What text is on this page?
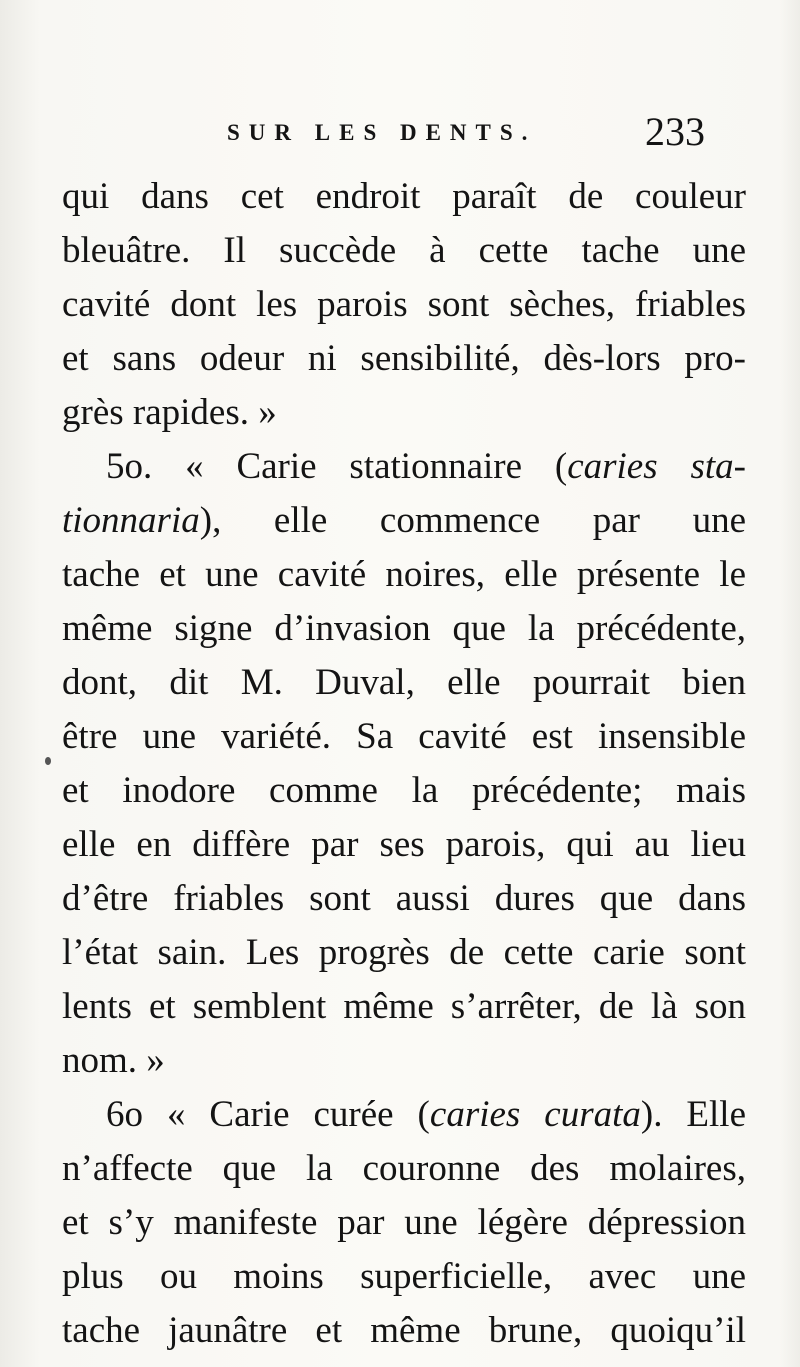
SUR LES DENTS.	233
qui dans cet endroit paraît de couleur
bleuâtre. Il succède à cette tache une
cavité dont les parois sont sèches, friables
et sans odeur ni sensibilité, dès-lors pro-
grès rapides. »
5o. « Carie stationnaire (caries sta-
tionnaria), elle commence par une
tache et une cavité noires, elle présente le
même signe d’invasion que la précédente,
dont, dit M. Duval, elle pourrait bien
être une variété. Sa cavité est insensible
et inodore comme la précédente; mais
elle en diffère par ses parois, qui au lieu
d’être friables sont aussi dures que dans
l’état sain. Les progrès de cette carie sont
lents et semblent même s’arrêter, de là son
nom. »
6o « Carie curée (caries curata). Elle
n’affecte que la couronne des molaires,
et s’y manifeste par une légère dépression
plus ou moins superficielle, avec une
tache jaunâtre et même brune, quoiqu’il
